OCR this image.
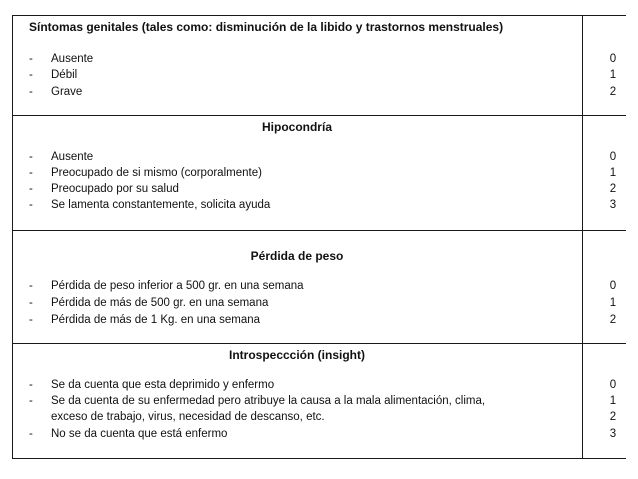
Síntomas genitales (tales como: disminución de la libido y trastornos menstruales)
- Ausente
- Débil
- Grave
0
1
2
Hipocondría
- Ausente
- Preocupado de si mismo (corporalmente)
- Preocupado por su salud
- Se lamenta constantemente, solicita ayuda
0
1
2
3
Pérdida de peso
- Pérdida de peso inferior a 500 gr. en una semana
- Pérdida de más de 500 gr. en una semana
- Pérdida de más de 1 Kg. en una semana
0
1
2
Introspeccción (insight)
- Se da cuenta que esta deprimido y enfermo
- Se da cuenta de su enfermedad pero atribuye la causa a la mala alimentación, clima,
exceso de trabajo, virus, necesidad de descanso, etc.
- No se da cuenta que está enfermo
0
1
2
3
